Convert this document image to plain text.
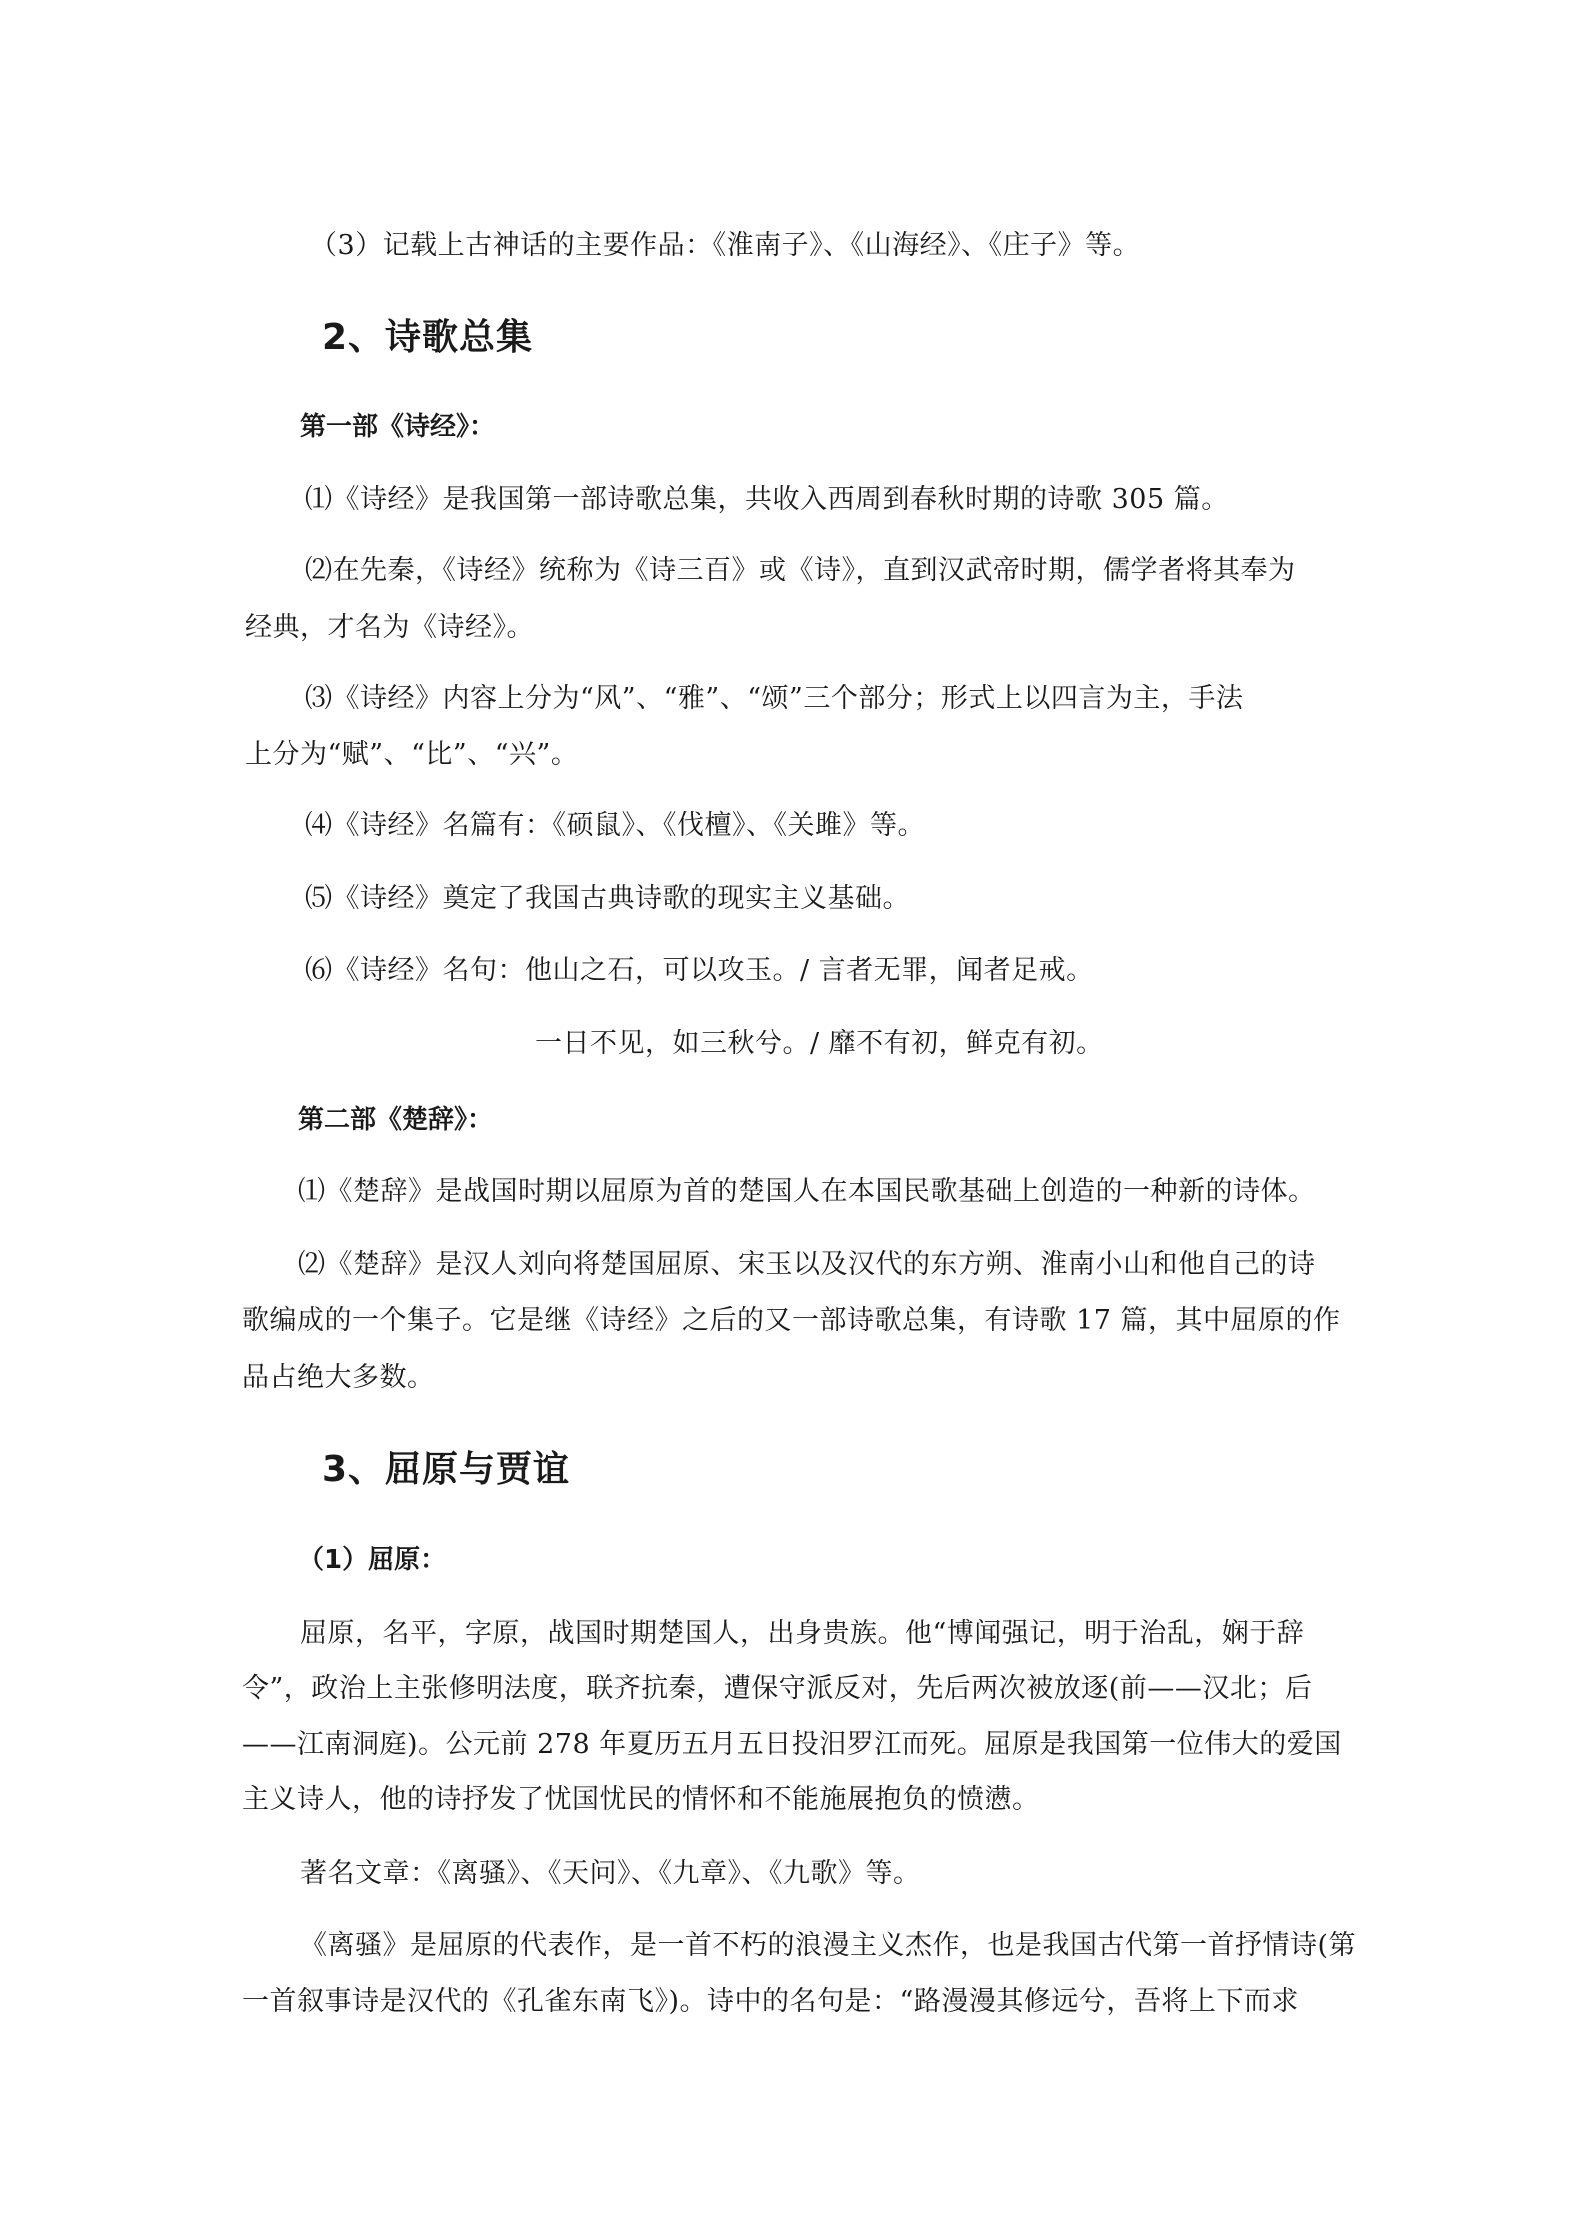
（3）记载上古神话的主要作品：《淮南子》、《山海经》、《庄子》等。
2、诗歌总集
第一部《诗经》：
⑴《诗经》是我国第一部诗歌总集，共收入西周到春秋时期的诗歌 305 篇。
⑵在先秦，《诗经》统称为《诗三百》或《诗》，直到汉武帝时期，儒学者将其奉为
经典，才名为《诗经》。
⑶《诗经》内容上分为“风”、“雅”、“颂”三个部分；形式上以四言为主，手法
上分为“赋”、“比”、“兴”。
⑷《诗经》名篇有：《硕鼠》、《伐檀》、《关雎》等。
⑸《诗经》奠定了我国古典诗歌的现实主义基础。
⑹《诗经》名句：他山之石，可以攻玉。/ 言者无罪，闻者足戒。
一日不见，如三秋兮。/ 靡不有初，鲜克有初。
第二部《楚辞》：
⑴《楚辞》是战国时期以屈原为首的楚国人在本国民歌基础上创造的一种新的诗体。
⑵《楚辞》是汉人刘向将楚国屈原、宋玉以及汉代的东方朔、淮南小山和他自己的诗
歌编成的一个集子。它是继《诗经》之后的又一部诗歌总集，有诗歌 17 篇，其中屈原的作
品占绝大多数。
3、屈原与贾谊
（1）屈原：
屈原，名平，字原，战国时期楚国人，出身贵族。他“博闻强记，明于治乱，娴于辞
令”，政治上主张修明法度，联齐抗秦，遭保守派反对，先后两次被放逐(前——汉北；后
——江南洞庭)。公元前 278 年夏历五月五日投汨罗江而死。屈原是我国第一位伟大的爱国
主义诗人，他的诗抒发了忧国忧民的情怀和不能施展抱负的愤懑。
著名文章：《离骚》、《天问》、《九章》、《九歌》等。
《离骚》是屈原的代表作，是一首不朽的浪漫主义杰作，也是我国古代第一首抒情诗(第
一首叙事诗是汉代的《孔雀东南飞》)。诗中的名句是：“路漫漫其修远兮，吾将上下而求
